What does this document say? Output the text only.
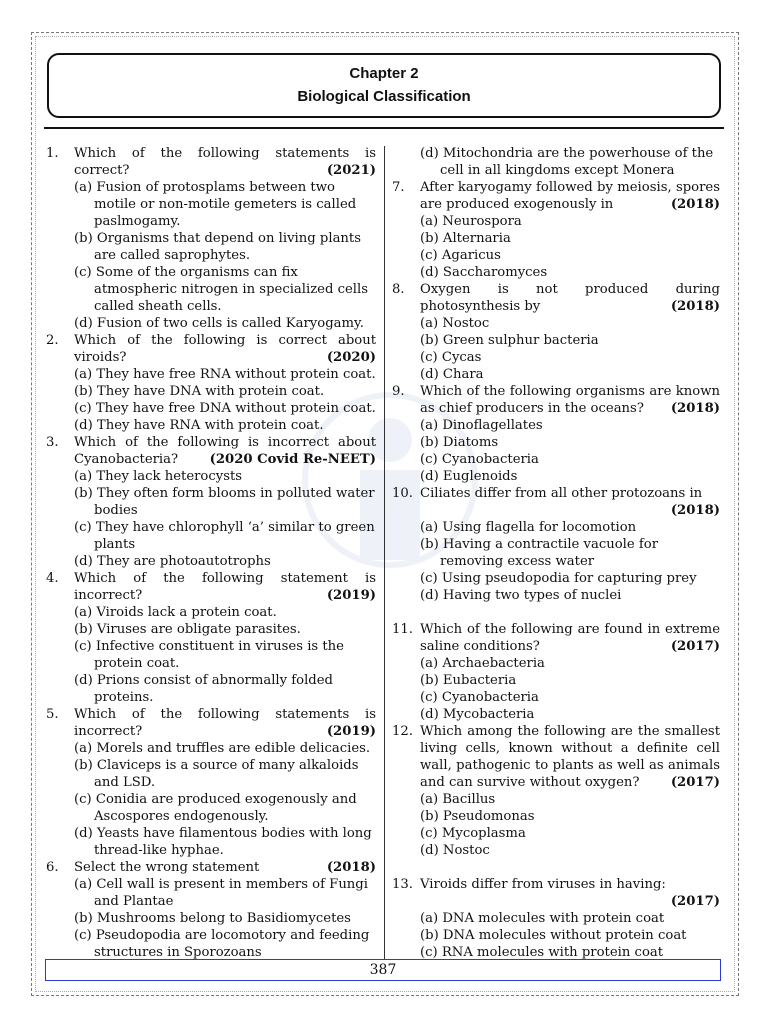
Chapter 2
Biological Classification
1. Which of the following statements is correct?	(2021)
(a) Fusion of protosplams between two motile or non-motile gemeters is called paslmogamy.
(b) Organisms that depend on living plants are called saprophytes.
(c) Some of the organisms can fix atmospheric nitrogen in specialized cells called sheath cells.
(d) Fusion of two cells is called Karyogamy.
2. Which of the following is correct about viroids?	(2020)
(a) They have free RNA without protein coat.
(b) They have DNA with protein coat.
(c) They have free DNA without protein coat.
(d) They have RNA with protein coat.
3. Which of the following is incorrect about Cyanobacteria?	(2020 Covid Re-NEET)
(a) They lack heterocysts
(b) They often form blooms in polluted water bodies
(c) They have chlorophyll ‘a’ similar to green plants
(d) They are photoautotrophs
4. Which of the following statement is incorrect?	(2019)
(a) Viroids lack a protein coat.
(b) Viruses are obligate parasites.
(c) Infective constituent in viruses is the protein coat.
(d) Prions consist of abnormally folded proteins.
5. Which of the following statements is incorrect?	(2019)
(a) Morels and truffles are edible delicacies.
(b) Claviceps is a source of many alkaloids and LSD.
(c) Conidia are produced exogenously and Ascospores endogenously.
(d) Yeasts have filamentous bodies with long thread-like hyphae.
6. Select the wrong statement	(2018)
(a) Cell wall is present in members of Fungi and Plantae
(b) Mushrooms belong to Basidiomycetes
(c) Pseudopodia are locomotory and feeding structures in Sporozoans
(d) Mitochondria are the powerhouse of the cell in all kingdoms except Monera
7. After karyogamy followed by meiosis, spores are produced exogenously in	(2018)
(a) Neurospora
(b) Alternaria
(c) Agaricus
(d) Saccharomyces
8. Oxygen is not produced during photosynthesis by	(2018)
(a) Nostoc
(b) Green sulphur bacteria
(c) Cycas
(d) Chara
9. Which of the following organisms are known as chief producers in the oceans?	(2018)
(a) Dinoflagellates
(b) Diatoms
(c) Cyanobacteria
(d) Euglenoids
10. Ciliates differ from all other protozoans in
(2018)
(a) Using flagella for locomotion
(b) Having a contractile vacuole for removing excess water
(c) Using pseudopodia for capturing prey
(d) Having two types of nuclei
11. Which of the following are found in extreme saline conditions?	(2017)
(a) Archaebacteria
(b) Eubacteria
(c) Cyanobacteria
(d) Mycobacteria
12. Which among the following are the smallest living cells, known without a definite cell wall, pathogenic to plants as well as animals and can survive without oxygen?	(2017)
(a) Bacillus
(b) Pseudomonas
(c) Mycoplasma
(d) Nostoc
13. Viroids differ from viruses in having:
(2017)
(a) DNA molecules with protein coat
(b) DNA molecules without protein coat
(c) RNA molecules with protein coat
387
